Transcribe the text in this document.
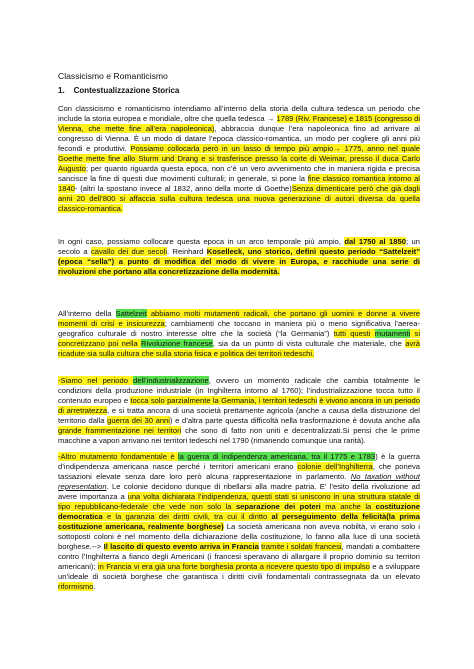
Classicismo e Romanticismo
1.    Contestualizzazione Storica

Con classicismo e romanticismo intendiamo all’interno della storia della cultura tedesca un periodo che include la storia europea e mondiale, oltre che quella tedesca → 1789 (Riv. Francese) e 1815 (congresso di Vienna, che mette fine all’era napoleonica), abbraccia dunque l’era napoleonica fino ad arrivare al congresso di Vienna. È un modo di datare l’epoca classico-romantica, un modo per cogliere gli anni più fecondi e produttivi. Possiamo collocarla però in un lasso di tempo più ampio→ 1775, anno nel quale Goethe mette fine allo Sturm und Drang e si trasferisce presso la corte di Weimar, presso il duca Carlo Augusto; per quanto riguarda questa epoca, non c’è un vero avvenimento che in maniera rigida e precisa sancisce la fine di questi due movimenti culturali; in generale, si pone la fine classico romantica intorno al 1840- (altri la spostano invece al 1832, anno della morte di Goethe)Senza dimenticare però che già dagli anni 20 dell’800 si affaccia sulla cultura tedesca una nuova generazione di autori diversa da quella classico-romantica.

In ogni caso, possiamo collocare questa epoca in un arco temporale più ampio, dal 1750 al 1850; un secolo a cavallo dei due secoli. Reinhard Koselleck, uno storico, definì questo periodo “Sattelzeit” (epoca “sella”) a punto di modifica del modo di vivere in Europa, e racchiude una serie di rivoluzioni che portano alla concretizzazione della modernità.

All’interno della Sattelzeit abbiamo molti mutamenti radicali, che portano gli uomini e donne a vivere momenti di crisi e insicurezza; cambiamenti che toccano in maniera più o meno significativa l’aerea-geografico culturale di nostro interesse oltre che la società (“la Germania”) tutti questi mutamenti si concretizzano poi nella Rivoluzione francese, sia da un punto di vista culturale che materiale, che avrà ricadute sia sulla cultura che sulla storia fisica e politica dei territori tedeschi.

-Siamo nel periodo dell’industrializzazione, ovvero un momento radicale che cambia totalmente le condizioni della produzione industriale (in Inghilterra intorno al 1760); l’industrializzazione tocca tutto il contenuto europeo e tocca solo parzialmente la Germania, i territori tedeschi è vivono ancora in un periodo di arretratezza, e si tratta ancora di una società prettamente agricola (anche a causa della distruzione del territorio dalla guerra dei 30 anni) e d’altra parte questa difficoltà nella trasformazione è dovuta anche alla grande frammentazione nei territori che sono di fatto non uniti e decentralizzati.Si pensi che le prime macchine a vapori arrivano nei territori tedeschi nel 1790 (rimanendo comunque una rarità).

-Altro mutamento fondamentale è la guerra di indipendenza americana, tra il 1775 e 1783) è la guerra d’indipendenza americana nasce perché i territori americani erano colonie dell’Inghilterra, che poneva tassazioni elevate senza dare loro però alcuna rappresentazione in parlamento. No taxation without representation. Le colonie decidono dunque di ribellarsi alla madre patria. E’ l’esito della rivoluzione ad avere importanza a una volta dichiarata l’indipendenza, questi stati si uniscono in una struttura statale di tipo repubblicano-federale che vede non solo la separazione dei poteri ma anche la costituzione democratica e la garanzia dei diritti civili, tra cui il diritto al perseguimento della felicità(la prima costituzione americana, realmente borghese) La società americana non aveva nobiltà, vi erano solo i sottoposti coloni è nel momento della dichiarazione della costituzione, lo fanno alla luce di una società borghese.--> Il lascito di questo evento arriva in Francia tramite i soldati francesi, mandati a combattere contro l’Inghilterra a fianco degli Americani (i francesi speravano di allargare il proprio dominio su territori americani); in Francia vi era già una forte borghesia pronta a ricevere questo tipo di impulso e a sviluppare un’ideale di società borghese che garantisca i diritti civili fondamentali contrassegnata da un elevato riformismo.
